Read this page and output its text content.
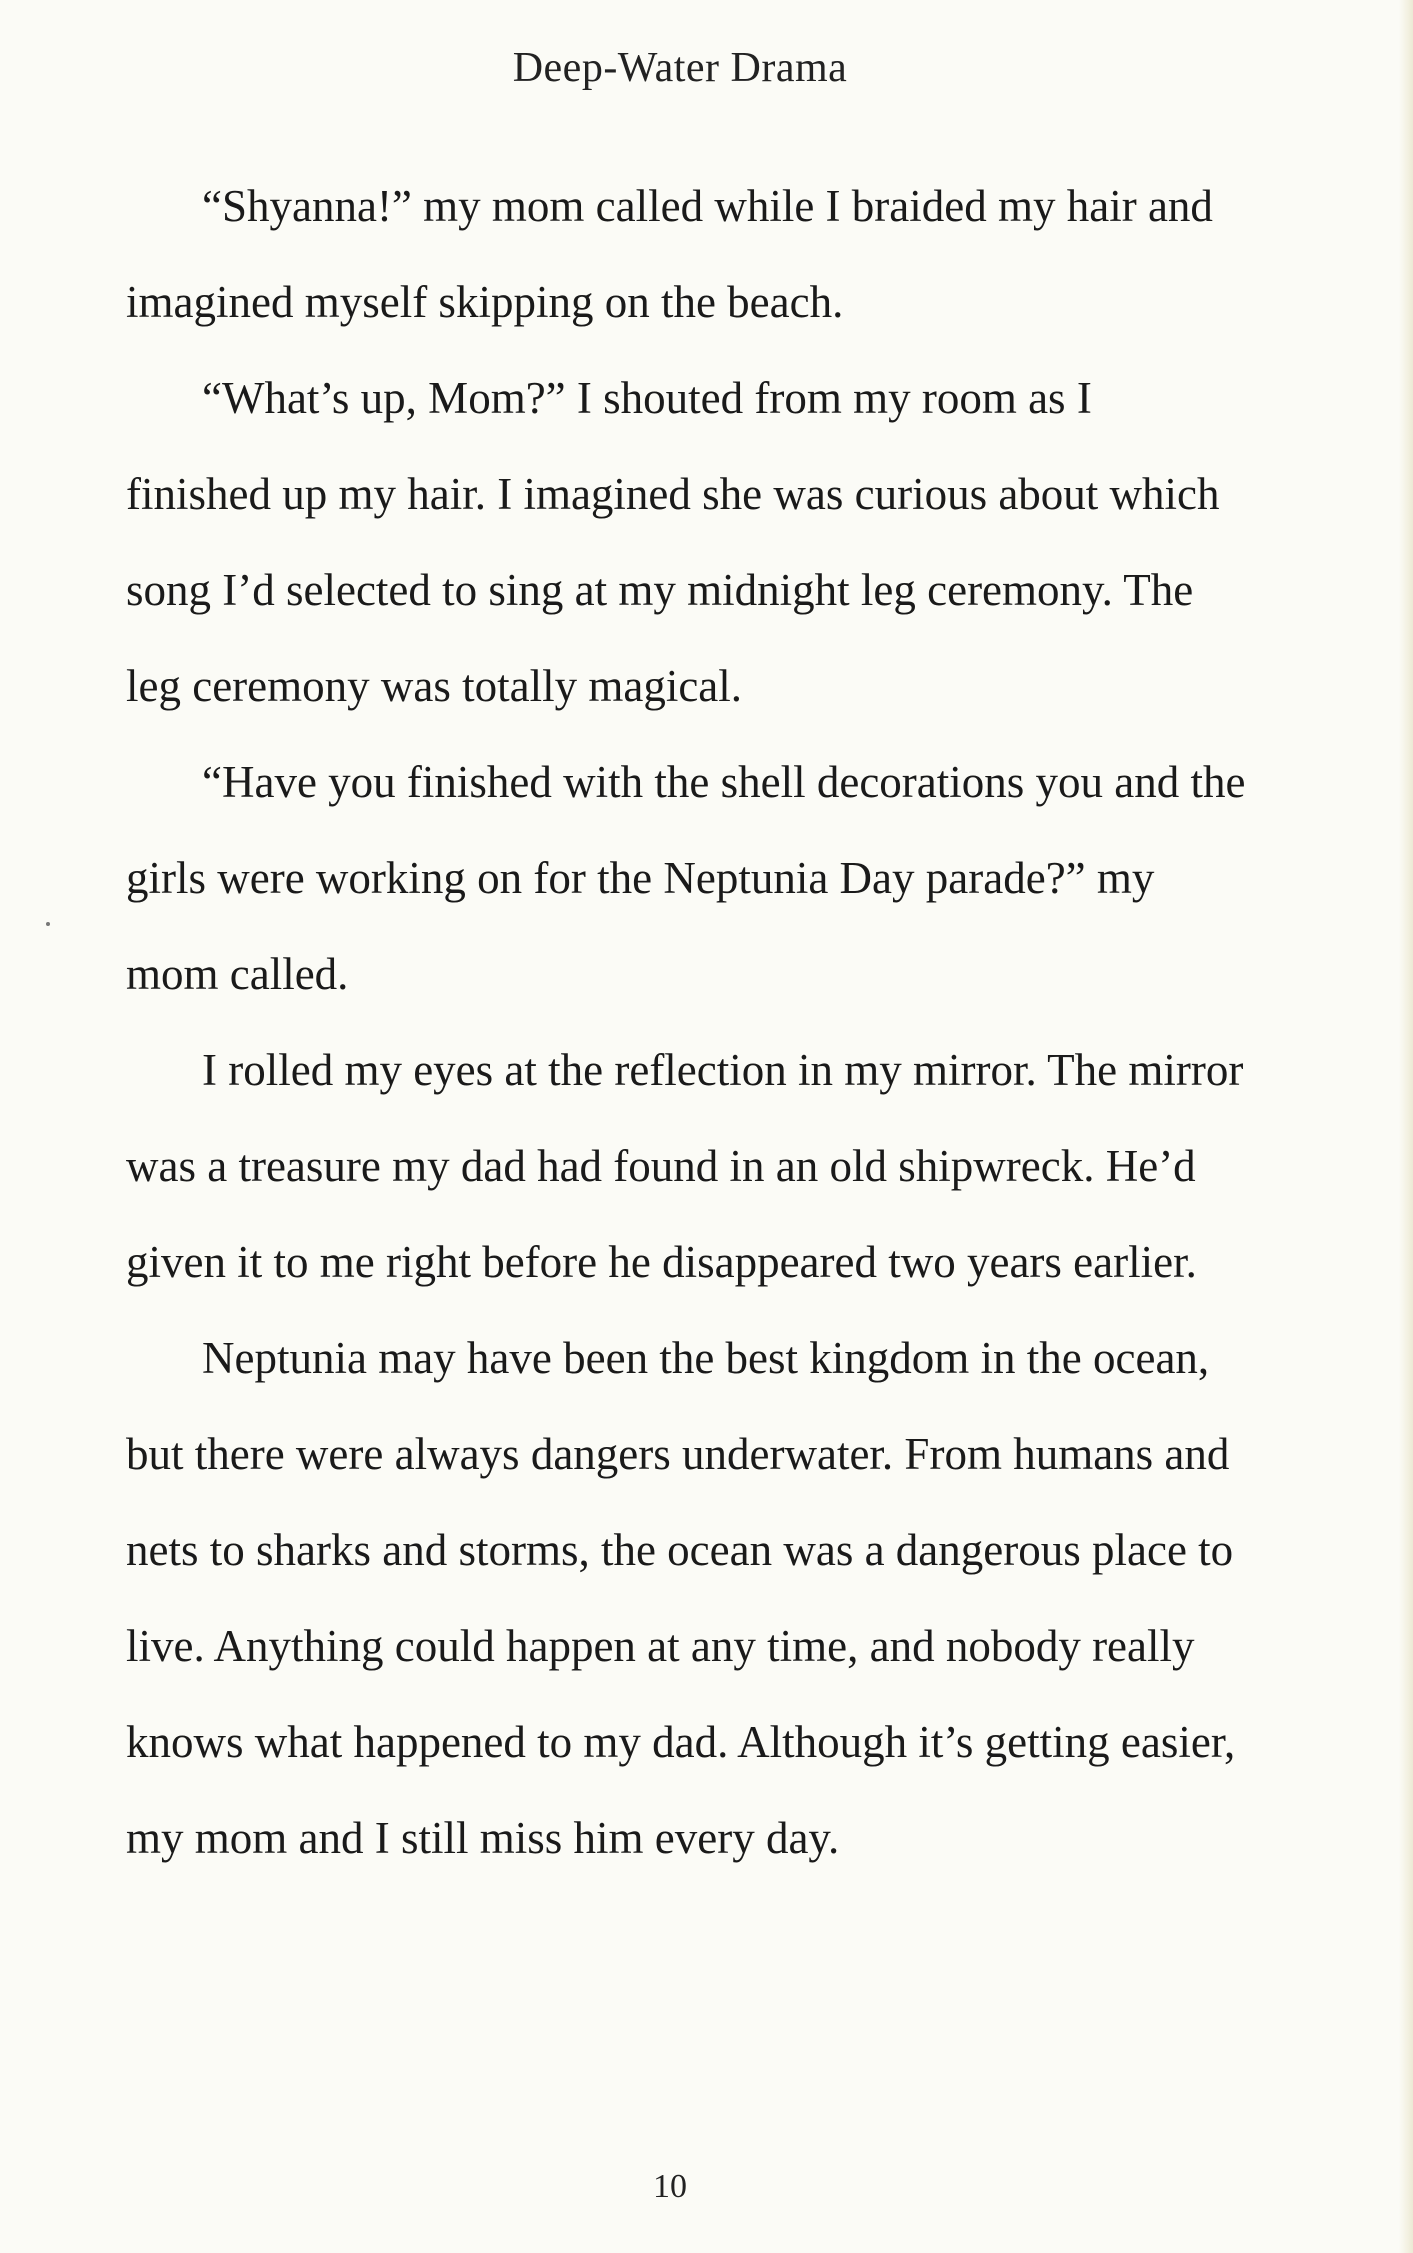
Deep-Water Drama

“Shyanna!” my mom called while I braided my hair and imagined myself skipping on the beach.

“What’s up, Mom?” I shouted from my room as I finished up my hair. I imagined she was curious about which song I’d selected to sing at my midnight leg ceremony. The leg ceremony was totally magical.

“Have you finished with the shell decorations you and the girls were working on for the Neptunia Day parade?” my mom called.

I rolled my eyes at the reflection in my mirror. The mirror was a treasure my dad had found in an old shipwreck. He’d given it to me right before he disappeared two years earlier.

Neptunia may have been the best kingdom in the ocean, but there were always dangers underwater. From humans and nets to sharks and storms, the ocean was a dangerous place to live. Anything could happen at any time, and nobody really knows what happened to my dad. Although it’s getting easier, my mom and I still miss him every day.

10
